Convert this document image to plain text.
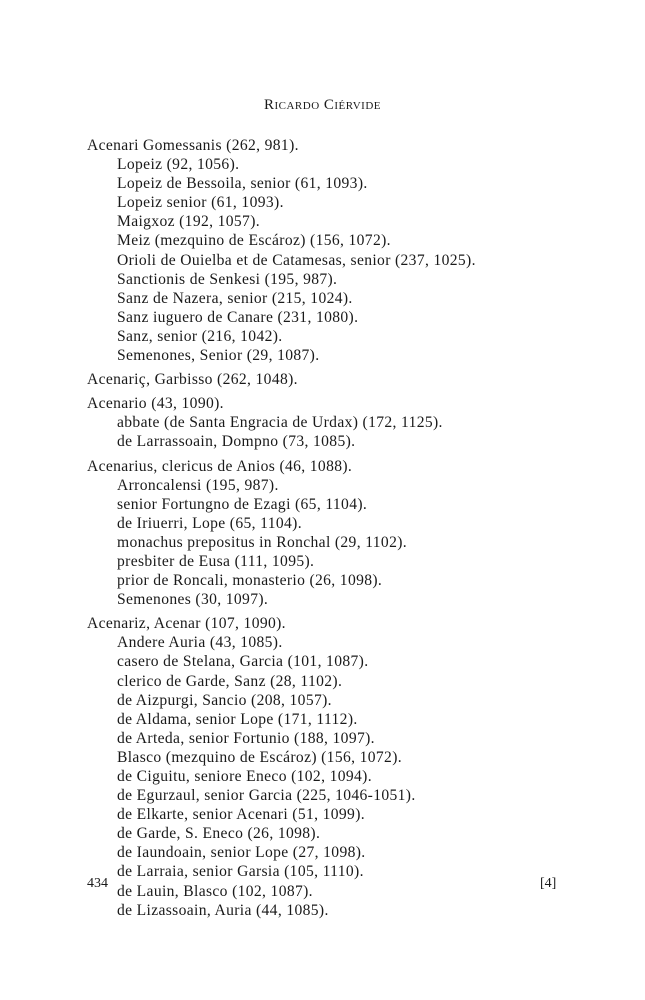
Ricardo Ciérvide
Acenari Gomessanis (262, 981).
Lopeiz (92, 1056).
Lopeiz de Bessoila, senior (61, 1093).
Lopeiz senior (61, 1093).
Maigxoz (192, 1057).
Meiz (mezquino de Escároz) (156, 1072).
Orioli de Ouielba et de Catamesas, senior (237, 1025).
Sanctionis de Senkesi (195, 987).
Sanz de Nazera, senior (215, 1024).
Sanz iuguero de Canare (231, 1080).
Sanz, senior (216, 1042).
Semenones, Senior (29, 1087).
Acenariç, Garbisso (262, 1048).
Acenario (43, 1090).
abbate (de Santa Engracia de Urdax) (172, 1125).
de Larrassoain, Dompno (73, 1085).
Acenarius, clericus de Anios (46, 1088).
Arroncalensi (195, 987).
senior Fortungno de Ezagi (65, 1104).
de Iriuerri, Lope (65, 1104).
monachus prepositus in Ronchal (29, 1102).
presbiter de Eusa (111, 1095).
prior de Roncali, monasterio (26, 1098).
Semenones (30, 1097).
Acenariz, Acenar (107, 1090).
Andere Auria (43, 1085).
casero de Stelana, Garcia (101, 1087).
clerico de Garde, Sanz (28, 1102).
de Aizpurgi, Sancio (208, 1057).
de Aldama, senior Lope (171, 1112).
de Arteda, senior Fortunio (188, 1097).
Blasco (mezquino de Escároz) (156, 1072).
de Ciguitu, seniore Eneco (102, 1094).
de Egurzaul, senior Garcia (225, 1046-1051).
de Elkarte, senior Acenari (51, 1099).
de Garde, S. Eneco (26, 1098).
de Iaundoain, senior Lope (27, 1098).
de Larraia, senior Garsia (105, 1110).
de Lauin, Blasco (102, 1087).
de Lizassoain, Auria (44, 1085).
434	[4]
